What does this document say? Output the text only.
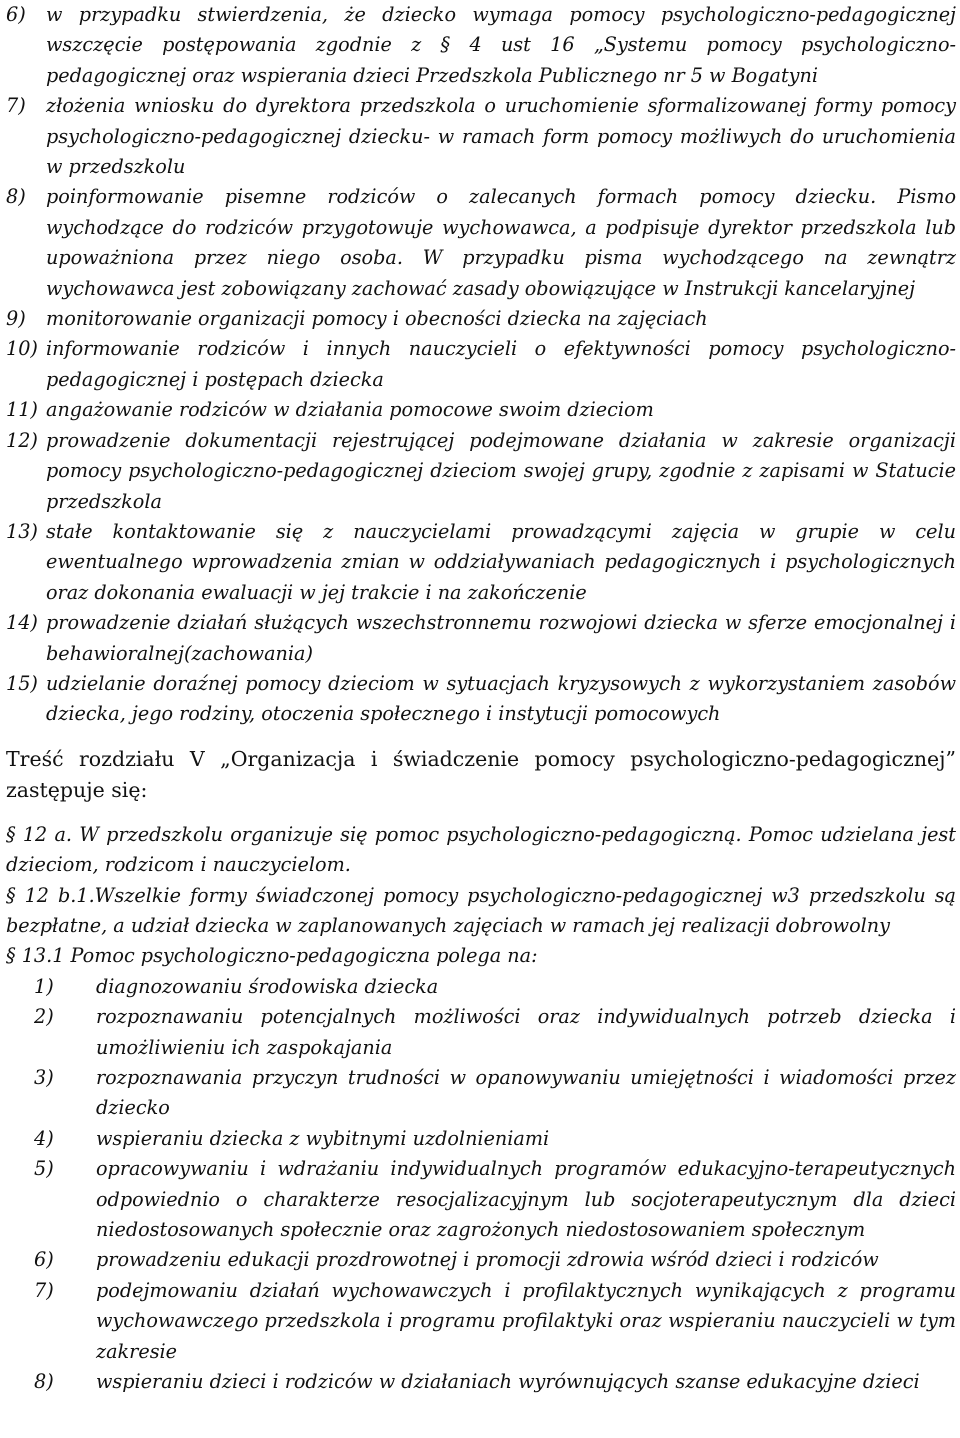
6)	w przypadku stwierdzenia, że dziecko wymaga pomocy psychologiczno-pedagogicznej wszczęcie postępowania zgodnie z § 4 ust 16 „Systemu pomocy psychologiczno-pedagogicznej oraz wspierania dzieci Przedszkola Publicznego nr 5 w Bogatyni
7)	złożenia wniosku do dyrektora przedszkola o uruchomienie sformalizowanej formy pomocy psychologiczno-pedagogicznej dziecku- w ramach form pomocy możliwych do uruchomienia w przedszkolu
8)	poinformowanie pisemne rodziców o zalecanych formach pomocy dziecku. Pismo wychodzące do rodziców przygotowuje wychowawca, a podpisuje dyrektor przedszkola lub upoważniona przez niego osoba. W przypadku pisma wychodzącego na zewnątrz wychowawca jest zobowiązany zachować zasady obowiązujące w Instrukcji kancelaryjnej
9)	monitorowanie organizacji pomocy i obecności dziecka na zajęciach
10) informowanie rodziców i innych nauczycieli o efektywności pomocy psychologiczno-pedagogicznej i postępach dziecka
11) angażowanie rodziców w działania pomocowe swoim dzieciom
12) prowadzenie dokumentacji rejestrującej podejmowane działania w zakresie organizacji pomocy psychologiczno-pedagogicznej dzieciom swojej grupy, zgodnie z zapisami w Statucie przedszkola
13) stałe kontaktowanie się z nauczycielami prowadzącymi zajęcia w grupie w celu ewentualnego wprowadzenia zmian w oddziaływaniach pedagogicznych i psychologicznych oraz dokonania ewaluacji w jej trakcie i na zakończenie
14) prowadzenie działań służących wszechstronnemu rozwojowi dziecka w sferze emocjonalnej i behawioralnej(zachowania)
15) udzielanie doraźnej pomocy dzieciom w sytuacjach kryzysowych z wykorzystaniem zasobów dziecka, jego rodziny, otoczenia społecznego i instytucji pomocowych
Treść rozdziału V „Organizacja i świadczenie pomocy psychologiczno-pedagogicznej” zastępuje się:
§ 12 a. W przedszkolu organizuje się pomoc psychologiczno-pedagogiczną. Pomoc udzielana jest dzieciom, rodzicom i nauczycielom.
§ 12 b.1.Wszelkie formy świadczonej pomocy psychologiczno-pedagogicznej w3 przedszkolu są bezpłatne, a udział dziecka w zaplanowanych zajęciach w ramach jej realizacji dobrowolny
§ 13.1 Pomoc psychologiczno-pedagogiczna polega na:
1)	diagnozowaniu środowiska dziecka
2)	rozpoznawaniu potencjalnych możliwości oraz indywidualnych potrzeb dziecka i umożliwieniu ich zaspokajania
3)	rozpoznawania przyczyn trudności w opanowywaniu umiejętności i wiadomości przez dziecko
4)	wspieraniu dziecka z wybitnymi uzdolnieniami
5)	opracowywaniu i wdrażaniu indywidualnych programów edukacyjno-terapeutycznych odpowiednio o charakterze resocjalizacyjnym lub socjoterapeutycznym dla dzieci niedostosowanych społecznie oraz zagrożonych niedostosowaniem społecznym
6)	prowadzeniu edukacji prozdrowotnej i promocji zdrowia wśród dzieci i rodziców
7)	podejmowaniu działań wychowawczych i profilaktycznych wynikających z programu wychowawczego przedszkola i programu profilaktyki oraz wspieraniu nauczycieli w tym zakresie
8)	wspieraniu dzieci i rodziców w działaniach wyrównujących szanse edukacyjne dzieci
